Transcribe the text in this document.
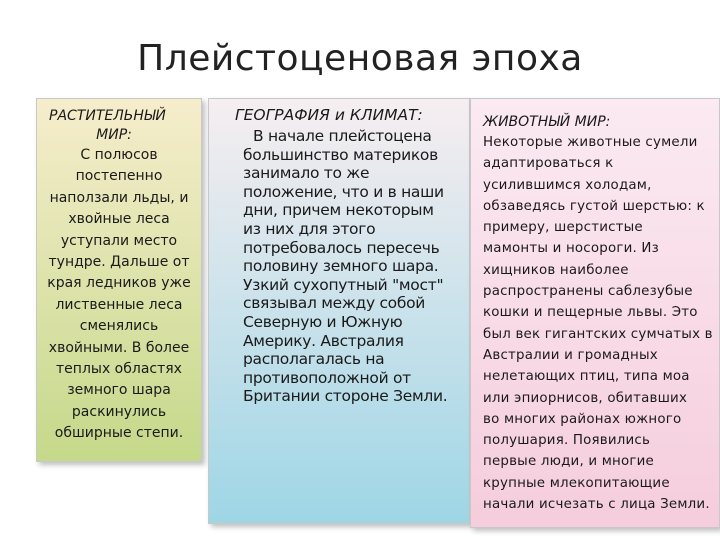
Плейстоценовая эпоха
РАСТИТЕЛЬНЫЙ
МИР:

С полюсов постепенно наползали льды, и хвойные леса уступали место тундре. Дальше от края ледников уже лиственные леса сменялись хвойными. В более теплых областях земного шара раскинулись обширные степи.

ГЕОГРАФИЯ и КЛИМАТ:
В начале плейстоцена
большинство материков
занимало то же
положение, что и в наши
дни, причем некоторым
из них для этого
потребовалось пересечь
половину земного шара.
Узкий сухопутный "мост"
связывал между собой
Северную и Южную
Америку. Австралия
располагалась на
противоположной от
Британии стороне Земли.
ЖИВОТНЫЙ МИР:
Некоторые животные сумели
адаптироваться к
усилившимся холодам,
обзаведясь густой шерстью: к
примеру, шерстистые
мамонты и носороги. Из
хищников наиболее
распространены саблезубые
кошки и пещерные львы. Это
был век гигантских сумчатых в
Австралии и громадных
нелетающих птиц, типа моа
или эпиорнисов, обитавших
во многих районах южного
полушария. Появились
первые люди, и многие
крупные млекопитающие
начали исчезать с лица Земли.
